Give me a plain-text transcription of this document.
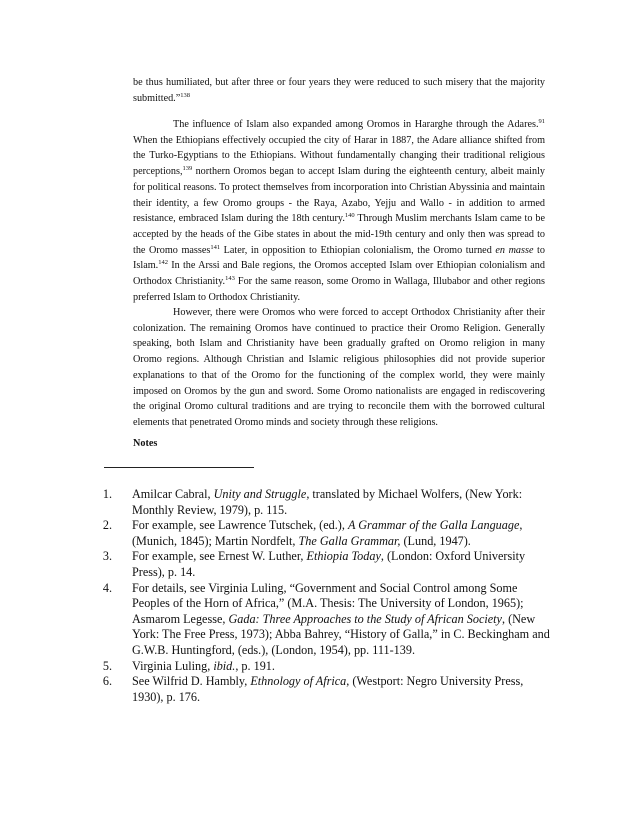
be thus humiliated, but after three or four years they were reduced to such misery that the majority submitted.”$^{138}$

The influence of Islam also expanded among Oromos in Hararghe through the Adares.$^{91}$ When the Ethiopians effectively occupied the city of Harar in 1887, the Adare alliance shifted from the Turko-Egyptians to the Ethiopians. Without fundamentally changing their traditional religious perceptions,$^{139}$ northern Oromos began to accept Islam during the eighteenth century, albeit mainly for political reasons. To protect themselves from incorporation into Christian Abyssinia and maintain their identity, a few Oromo groups - the Raya, Azabo, Yejju and Wallo - in addition to armed resistance, embraced Islam during the 18th century.$^{140}$ Through Muslim merchants Islam came to be accepted by the heads of the Gibe states in about the mid-19th century and only then was spread to the Oromo masses$^{141}$ Later, in opposition to Ethiopian colonialism, the Oromo turned en masse to Islam.$^{142}$ In the Arssi and Bale regions, the Oromos accepted Islam over Ethiopian colonialism and Orthodox Christianity.$^{143}$ For the same reason, some Oromo in Wallaga, Illubabor and other regions preferred Islam to Orthodox Christianity.

However, there were Oromos who were forced to accept Orthodox Christianity after their colonization. The remaining Oromos have continued to practice their Oromo Religion. Generally speaking, both Islam and Christianity have been gradually grafted on Oromo religion in many Oromo regions. Although Christian and Islamic religious philosophies did not provide superior explanations to that of the Oromo for the functioning of the complex world, they were mainly imposed on Oromos by the gun and sword. Some Oromo nationalists are engaged in rediscovering the original Oromo cultural traditions and are trying to reconcile them with the borrowed cultural elements that penetrated Oromo minds and society through these religions.

Notes

1. Amilcar Cabral, Unity and Struggle, translated by Michael Wolfers, (New York: Monthly Review, 1979), p. 115.
2. For example, see Lawrence Tutschek, (ed.), A Grammar of the Galla Language, (Munich, 1845); Martin Nordfelt, The Galla Grammar, (Lund, 1947).
3. For example, see Ernest W. Luther, Ethiopia Today, (London: Oxford University Press), p. 14.
4. For details, see Virginia Luling, “Government and Social Control among Some Peoples of the Horn of Africa,” (M.A. Thesis: The University of London, 1965); Asmarom Legesse, Gada: Three Approaches to the Study of African Society, (New York: The Free Press, 1973); Abba Bahrey, “History of Galla,” in C. Beckingham and G.W.B. Huntingford, (eds.), (London, 1954), pp. 111-139.
5. Virginia Luling, ibid., p. 191.
6. See Wilfrid D. Hambly, Ethnology of Africa, (Westport: Negro University Press, 1930), p. 176.
